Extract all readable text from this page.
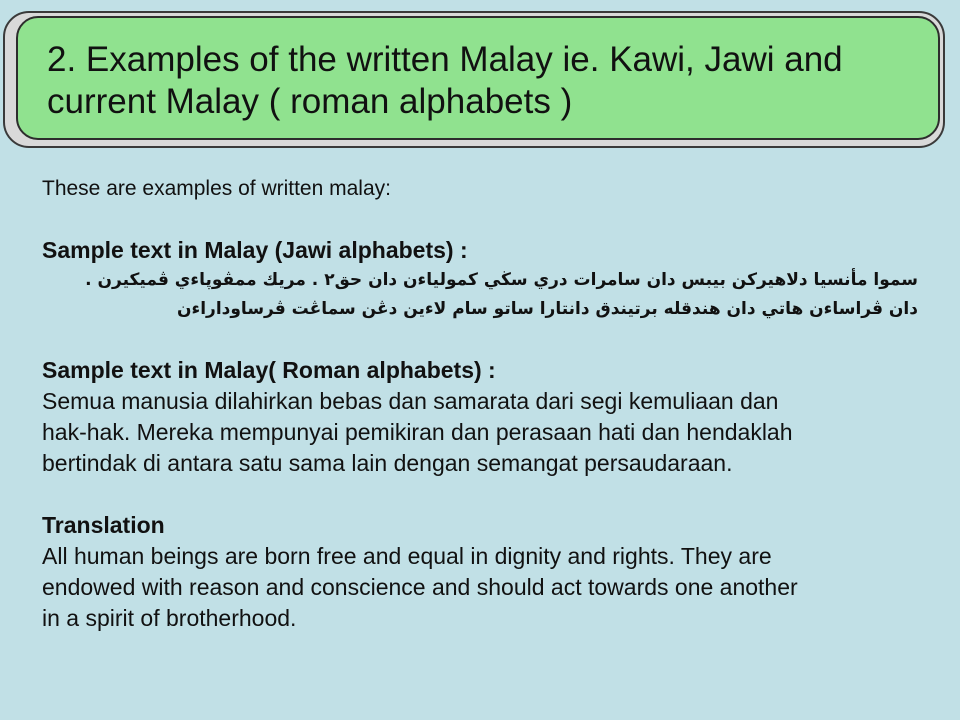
2. Examples of the written Malay ie. Kawi, Jawi and
current Malay ( roman alphabets )

These are examples of written malay:

Sample text in Malay (Jawi alphabets) :

سموا مأنسيا دلاهيركن بيبس دان سامرات دري سڬي كمولياءن دان حق٢ . مريك ممڤوڽاءي ڤميكيرن .

دان ڤراساءن هاتي دان هندقله برتيندق دانتارا ساتو سام لاءين دڠن سماڠت ڤرساوداراءن

Sample text in Malay( Roman alphabets) :

Semua manusia dilahirkan bebas dan samarata dari segi kemuliaan dan

hak-hak. Mereka mempunyai pemikiran dan perasaan hati dan hendaklah

bertindak di antara satu sama lain dengan semangat persaudaraan.

Translation

All human beings are born free and equal in dignity and rights. They are

endowed with reason and conscience and should act towards one another

in a spirit of brotherhood.
